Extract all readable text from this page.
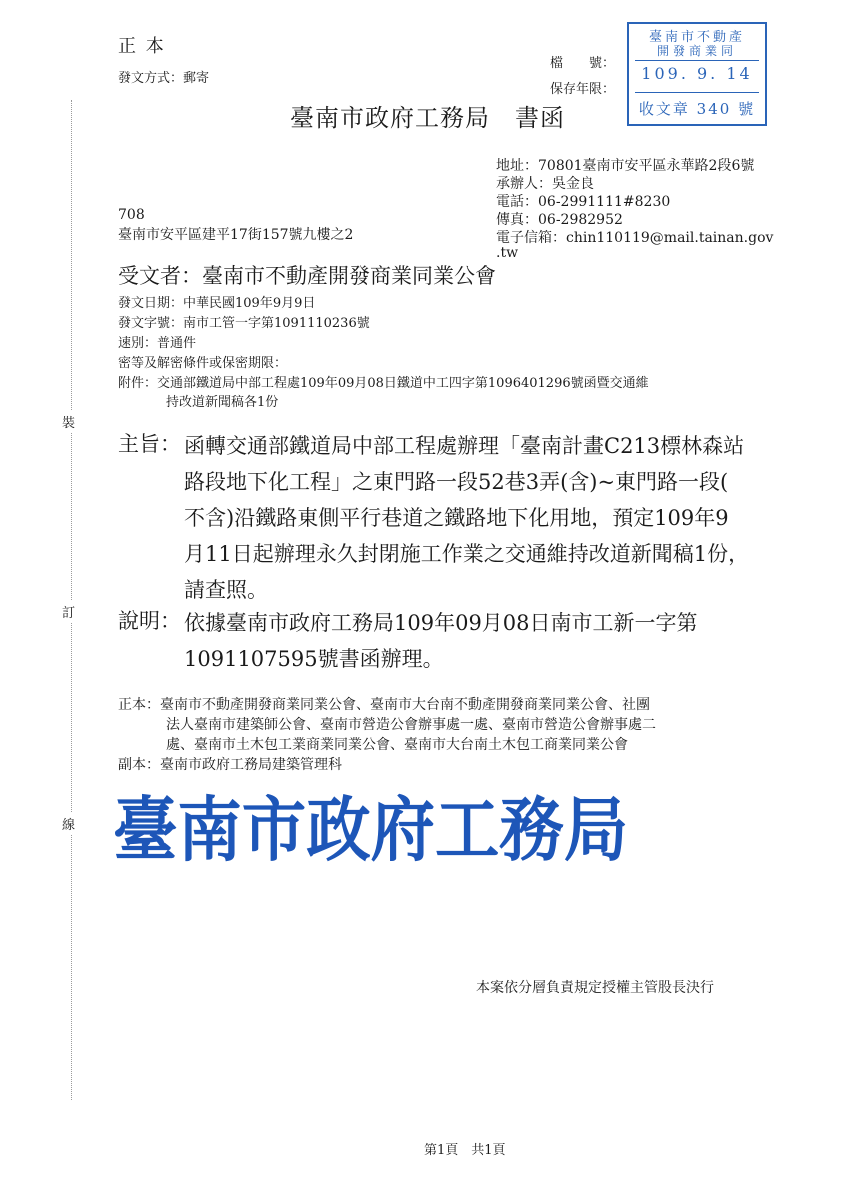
裝
訂
線
正 本
發文方式：郵寄
檔　　號：
保存年限：
臺南市政府工務局　書函
臺南市不動產
開發商業同
109. 9. 14
收文章 340 號
地址：70801臺南市安平區永華路2段6號
承辦人：吳金良
電話：06-2991111#8230
傳真：06-2982952
電子信箱：chin110119@mail.tainan.gov
.tw
708
臺南市安平區建平17街157號九樓之2
受文者：臺南市不動產開發商業同業公會
發文日期：中華民國109年9月9日
發文字號：南市工管一字第1091110236號
速別：普通件
密等及解密條件或保密期限：
附件：交通部鐵道局中部工程處109年09月08日鐵道中工四字第1096401296號函暨交通維
持改道新聞稿各1份
主旨： 函轉交通部鐵道局中部工程處辦理「臺南計畫C213標林森站
路段地下化工程」之東門路一段52巷3弄(含)~東門路一段(
不含)沿鐵路東側平行巷道之鐵路地下化用地，預定109年9
月11日起辦理永久封閉施工作業之交通維持改道新聞稿1份，
請查照。
說明： 依據臺南市政府工務局109年09月08日南市工新一字第
1091107595號書函辦理。
正本：臺南市不動產開發商業同業公會、臺南市大台南不動產開發商業同業公會、社團
法人臺南市建築師公會、臺南市營造公會辦事處一處、臺南市營造公會辦事處二
處、臺南市土木包工業商業同業公會、臺南市大台南土木包工商業同業公會
副本：臺南市政府工務局建築管理科
臺南市政府工務局
本案依分層負責規定授權主管股長決行
第1頁　共1頁
